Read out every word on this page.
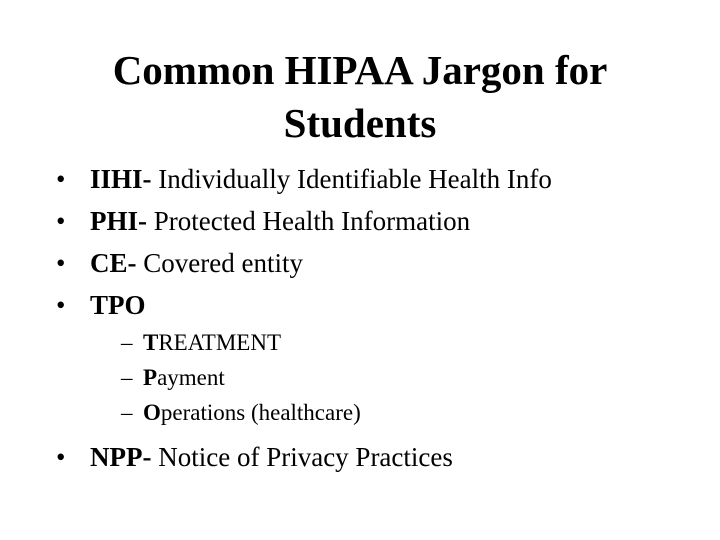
Common HIPAA Jargon for
Students
• IIHI- Individually Identifiable Health Info
• PHI- Protected Health Information
• CE- Covered entity
• TPO
– TREATMENT
– Payment
– Operations (healthcare)
• NPP- Notice of Privacy Practices
